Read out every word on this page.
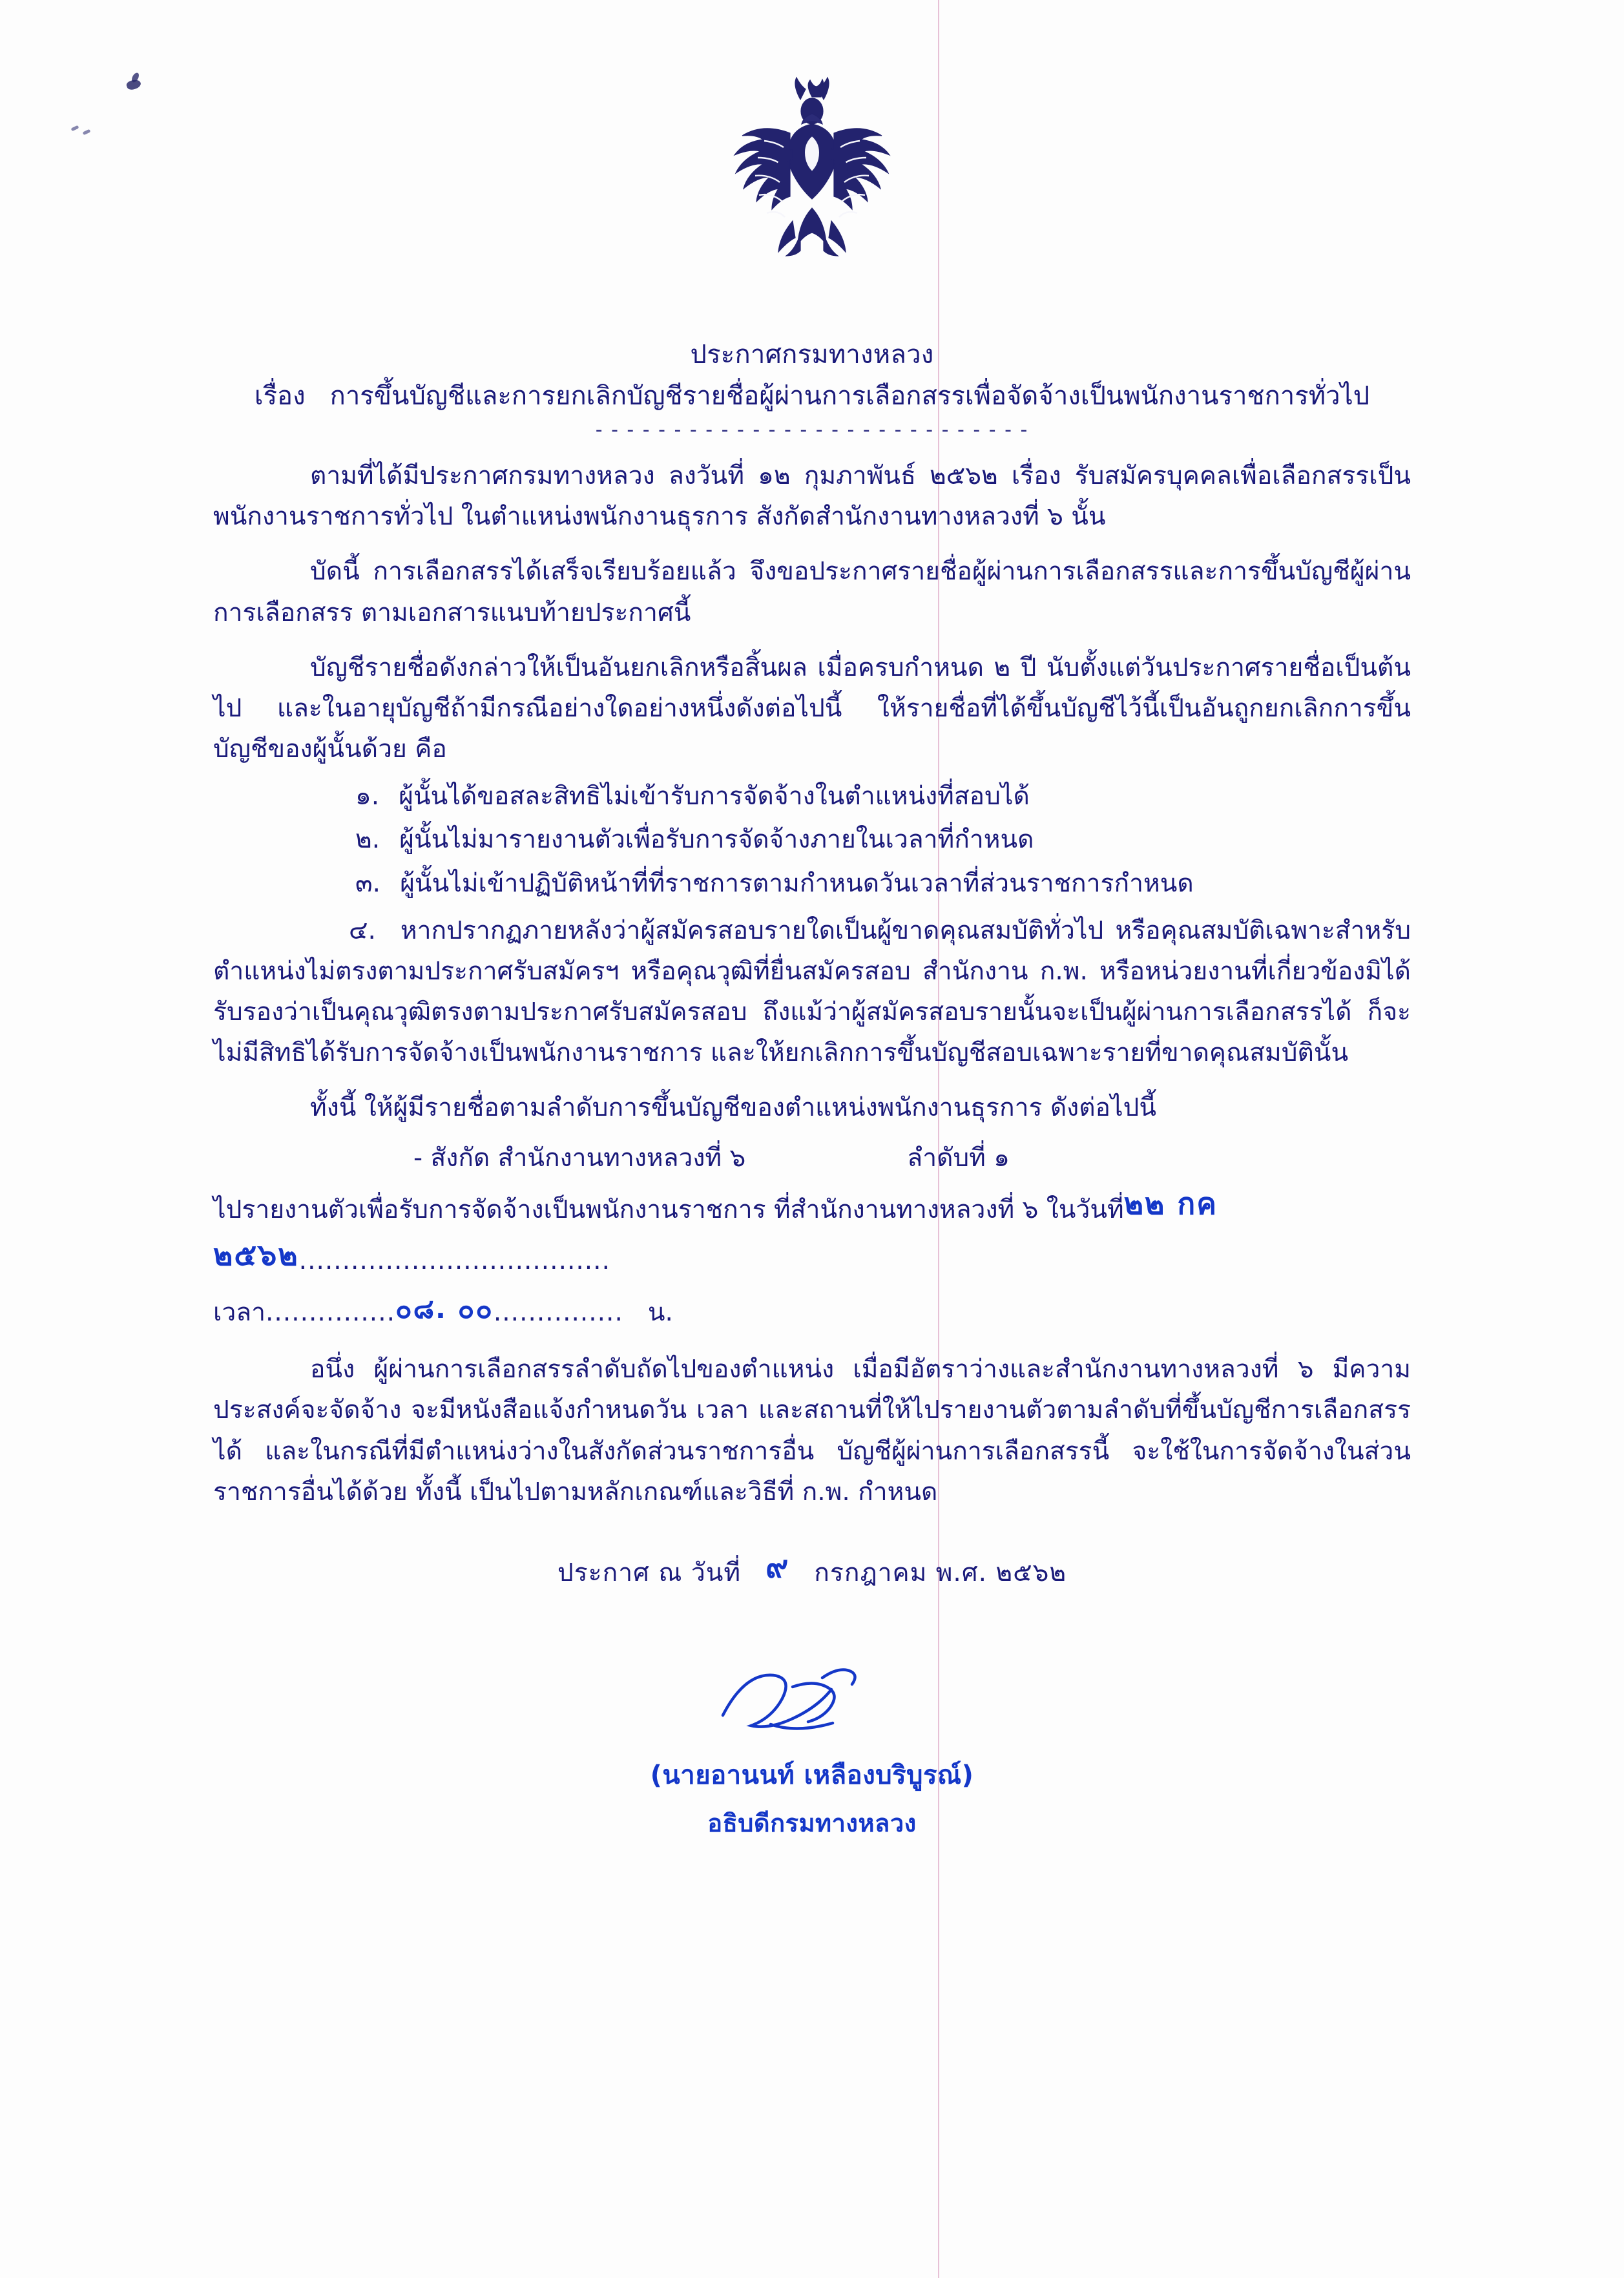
ประกาศกรมทางหลวง
เรื่อง การขึ้นบัญชีและการยกเลิกบัญชีรายชื่อผู้ผ่านการเลือกสรรเพื่อจัดจ้างเป็นพนักงานราชการทั่วไป
- - - - - - - - - - - - - - - - - - - - - - - - - - - -
ตามที่ได้มีประกาศกรมทางหลวง ลงวันที่ ๑๒ กุมภาพันธ์ ๒๕๖๒ เรื่อง รับสมัครบุคคลเพื่อเลือกสรรเป็นพนักงานราชการทั่วไป ในตำแหน่งพนักงานธุรการ สังกัดสำนักงานทางหลวงที่ ๖ นั้น
บัดนี้ การเลือกสรรได้เสร็จเรียบร้อยแล้ว จึงขอประกาศรายชื่อผู้ผ่านการเลือกสรรและการขึ้นบัญชีผู้ผ่านการเลือกสรร ตามเอกสารแนบท้ายประกาศนี้
บัญชีรายชื่อดังกล่าวให้เป็นอันยกเลิกหรือสิ้นผล เมื่อครบกำหนด ๒ ปี นับตั้งแต่วันประกาศรายชื่อเป็นต้นไป และในอายุบัญชีถ้ามีกรณีอย่างใดอย่างหนึ่งดังต่อไปนี้ ให้รายชื่อที่ได้ขึ้นบัญชีไว้นี้เป็นอันถูกยกเลิกการขึ้นบัญชีของผู้นั้นด้วย คือ
๑. ผู้นั้นได้ขอสละสิทธิไม่เข้ารับการจัดจ้างในตำแหน่งที่สอบได้
๒. ผู้นั้นไม่มารายงานตัวเพื่อรับการจัดจ้างภายในเวลาที่กำหนด
๓. ผู้นั้นไม่เข้าปฏิบัติหน้าที่ที่ราชการตามกำหนดวันเวลาที่ส่วนราชการกำหนด
๔. หากปรากฏภายหลังว่าผู้สมัครสอบรายใดเป็นผู้ขาดคุณสมบัติทั่วไป หรือคุณสมบัติเฉพาะสำหรับตำแหน่งไม่ตรงตามประกาศรับสมัครฯ หรือคุณวุฒิที่ยื่นสมัครสอบ สำนักงาน ก.พ. หรือหน่วยงานที่เกี่ยวข้องมิได้รับรองว่าเป็นคุณวุฒิตรงตามประกาศรับสมัครสอบ ถึงแม้ว่าผู้สมัครสอบรายนั้นจะเป็นผู้ผ่านการเลือกสรรได้ ก็จะไม่มีสิทธิได้รับการจัดจ้างเป็นพนักงานราชการ และให้ยกเลิกการขึ้นบัญชีสอบเฉพาะรายที่ขาดคุณสมบัตินั้น
ทั้งนี้ ให้ผู้มีรายชื่อตามลำดับการขึ้นบัญชีของตำแหน่งพนักงานธุรการ ดังต่อไปนี้
- สังกัด สำนักงานทางหลวงที่ ๖	ลำดับที่ ๑
ไปรายงานตัวเพื่อรับการจัดจ้างเป็นพนักงานราชการ ที่สำนักงานทางหลวงที่ ๖ ในวันที่๒๒ กค ๒๕๖๒....................................
เวลา...............๐๘. ๐๐............... น.
อนึ่ง ผู้ผ่านการเลือกสรรลำดับถัดไปของตำแหน่ง เมื่อมีอัตราว่างและสำนักงานทางหลวงที่ ๖ มีความประสงค์จะจัดจ้าง จะมีหนังสือแจ้งกำหนดวัน เวลา และสถานที่ให้ไปรายงานตัวตามลำดับที่ขึ้นบัญชีการเลือกสรรได้ และในกรณีที่มีตำแหน่งว่างในสังกัดส่วนราชการอื่น บัญชีผู้ผ่านการเลือกสรรนี้ จะใช้ในการจัดจ้างในส่วนราชการอื่นได้ด้วย ทั้งนี้ เป็นไปตามหลักเกณฑ์และวิธีที่ ก.พ. กำหนด
ประกาศ ณ วันที่ ๙ กรกฎาคม พ.ศ. ๒๕๖๒
(นายอานนท์ เหลืองบริบูรณ์)
อธิบดีกรมทางหลวง
